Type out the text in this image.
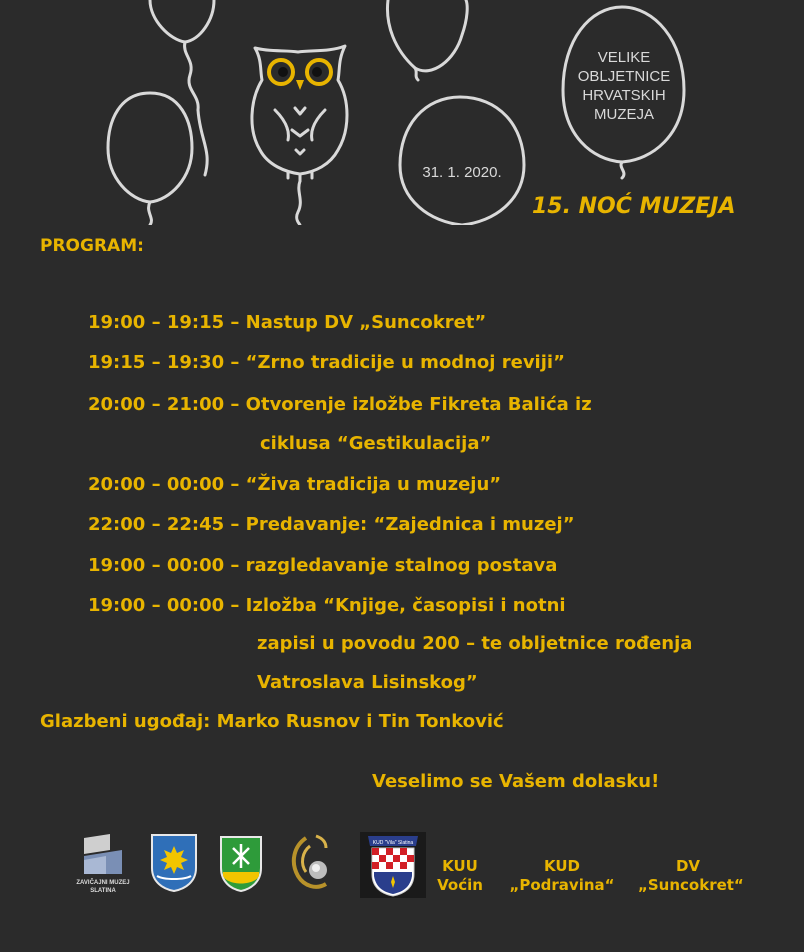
VELIKE
OBLJETNICE
HRVATSKIH
MUZEJA
31. 1. 2020.
15. NOĆ MUZEJA
PROGRAM:
19:00 – 19:15 – Nastup DV „Suncokret”
19:15 – 19:30 – “Zrno tradicije u modnoj reviji”
20:00 – 21:00 – Otvorenje izložbe Fikreta Balića iz
ciklusa “Gestikulacija”
20:00 – 00:00 – “Živa tradicija u muzeju”
22:00 – 22:45 – Predavanje: “Zajednica i muzej”
19:00 – 00:00 – razgledavanje stalnog postava
19:00 – 00:00 – Izložba “Knjige, časopisi i notni
zapisi u povodu 200 – te obljetnice rođenja
Vatroslava Lisinskog”
Glazbeni ugođaj: Marko Rusnov i Tin Tonković
Veselimo se Vašem dolasku!
ZAVIČAJNI MUZEJ
SLATINA
KUD "Vila" Slatina
KUU
Voćin
KUD
„Podravina“
DV
„Suncokret“
